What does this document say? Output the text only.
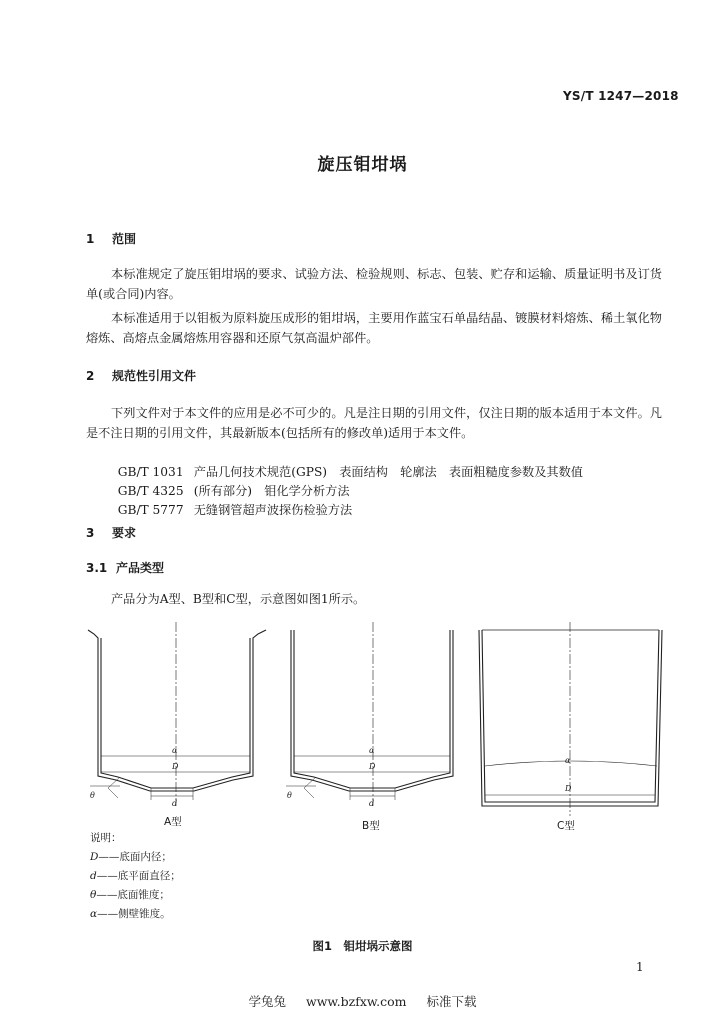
YS/T 1247—2018
旋压钼坩埚
1 范围
本标准规定了旋压钼坩埚的要求、试验方法、检验规则、标志、包装、贮存和运输、质量证明书及订货单(或合同)内容。
本标准适用于以钼板为原料旋压成形的钼坩埚，主要用作蓝宝石单晶结晶、镀膜材料熔炼、稀土氧化物熔炼、高熔点金属熔炼用容器和还原气氛高温炉部件。
2 规范性引用文件
下列文件对于本文件的应用是必不可少的。凡是注日期的引用文件，仅注日期的版本适用于本文件。凡是不注日期的引用文件，其最新版本(包括所有的修改单)适用于本文件。

GB/T 1031 产品几何技术规范(GPS)　表面结构　轮廓法　表面粗糙度参数及其数值

GB/T 4325 (所有部分)　钼化学分析方法

GB/T 5777 无缝钢管超声波探伤检验方法

3 要求
3.1 产品类型
产品分为A型、B型和C型，示意图如图1所示。
α
D
d
θ
α
D
d
θ
α
D
A型	B型	C型
说明：
D——底面内径；
d——底平面直径；
θ——底面锥度；
α——侧壁锥度。
图1　钼坩埚示意图
1
学兔兔 www.bzfxw.com 标准下载
